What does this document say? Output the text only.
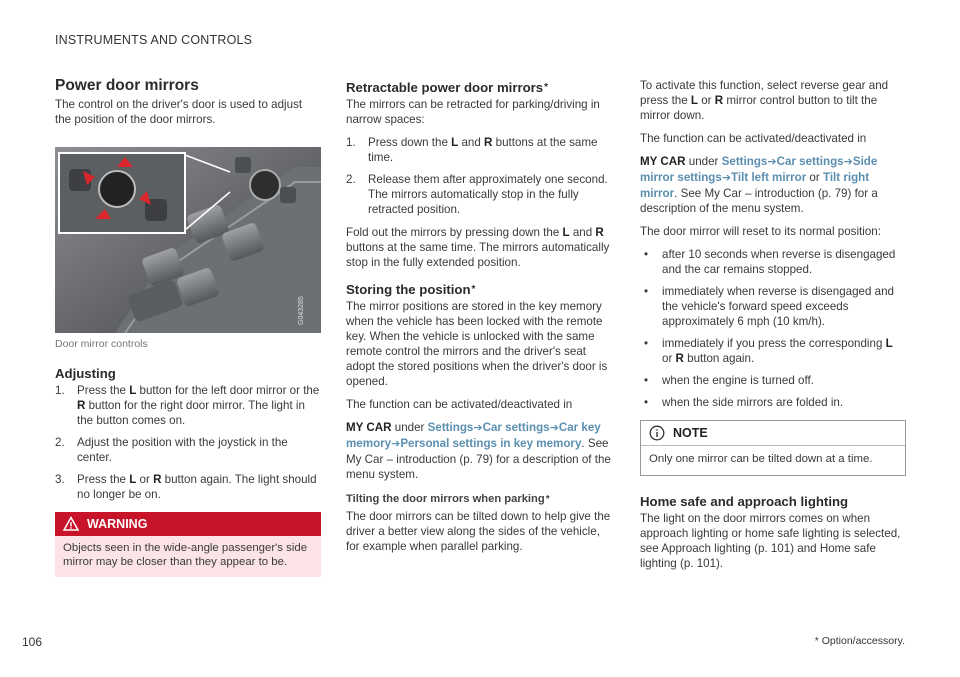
INSTRUMENTS AND CONTROLS
Power door mirrors

The control on the driver's door is used to adjust the position of the door mirrors.

G043285
Door mirror controls
Adjusting
1.	Press the L button for the left door mirror or the R button for the right door mirror. The light in the button comes on.
2.	Adjust the position with the joystick in the center.
3.	Press the L or R button again. The light should no longer be on.
WARNING
Objects seen in the wide-angle passenger's side mirror may be closer than they appear to be.
Retractable power door mirrors*

The mirrors can be retracted for parking/driving in narrow spaces:

1.	Press down the L and R buttons at the same time.
2.	Release them after approximately one second. The mirrors automatically stop in the fully retracted position.

Fold out the mirrors by pressing down the L and R buttons at the same time. The mirrors automatically stop in the fully extended position.

Storing the position*

The mirror positions are stored in the key memory when the vehicle has been locked with the remote key. When the vehicle is unlocked with the same remote control the mirrors and the driver's seat adopt the stored positions when the driver's door is opened.

The function can be activated/deactivated in

MY CAR under Settings➔Car settings➔Car key memory➔Personal settings in key memory. See My Car – introduction (p. 79) for a description of the menu system.

Tilting the door mirrors when parking*

The door mirrors can be tilted down to help give the driver a better view along the sides of the vehicle, for example when parallel parking.

To activate this function, select reverse gear and press the L or R mirror control button to tilt the mirror down.

The function can be activated/deactivated in

MY CAR under Settings➔Car settings➔Side mirror settings➔Tilt left mirror or Tilt right mirror. See My Car – introduction (p. 79) for a description of the menu system.

The door mirror will reset to its normal position:

•	after 10 seconds when reverse is disengaged and the car remains stopped.
•	immediately when reverse is disengaged and the vehicle's forward speed exceeds approximately 6 mph (10 km/h).
•	immediately if you press the corresponding L or R button again.
•	when the engine is turned off.
•	when the side mirrors are folded in.
NOTE
Only one mirror can be tilted down at a time.
Home safe and approach lighting

The light on the door mirrors comes on when approach lighting or home safe lighting is selected, see Approach lighting (p. 101) and Home safe lighting (p. 101).

106	* Option/accessory.
